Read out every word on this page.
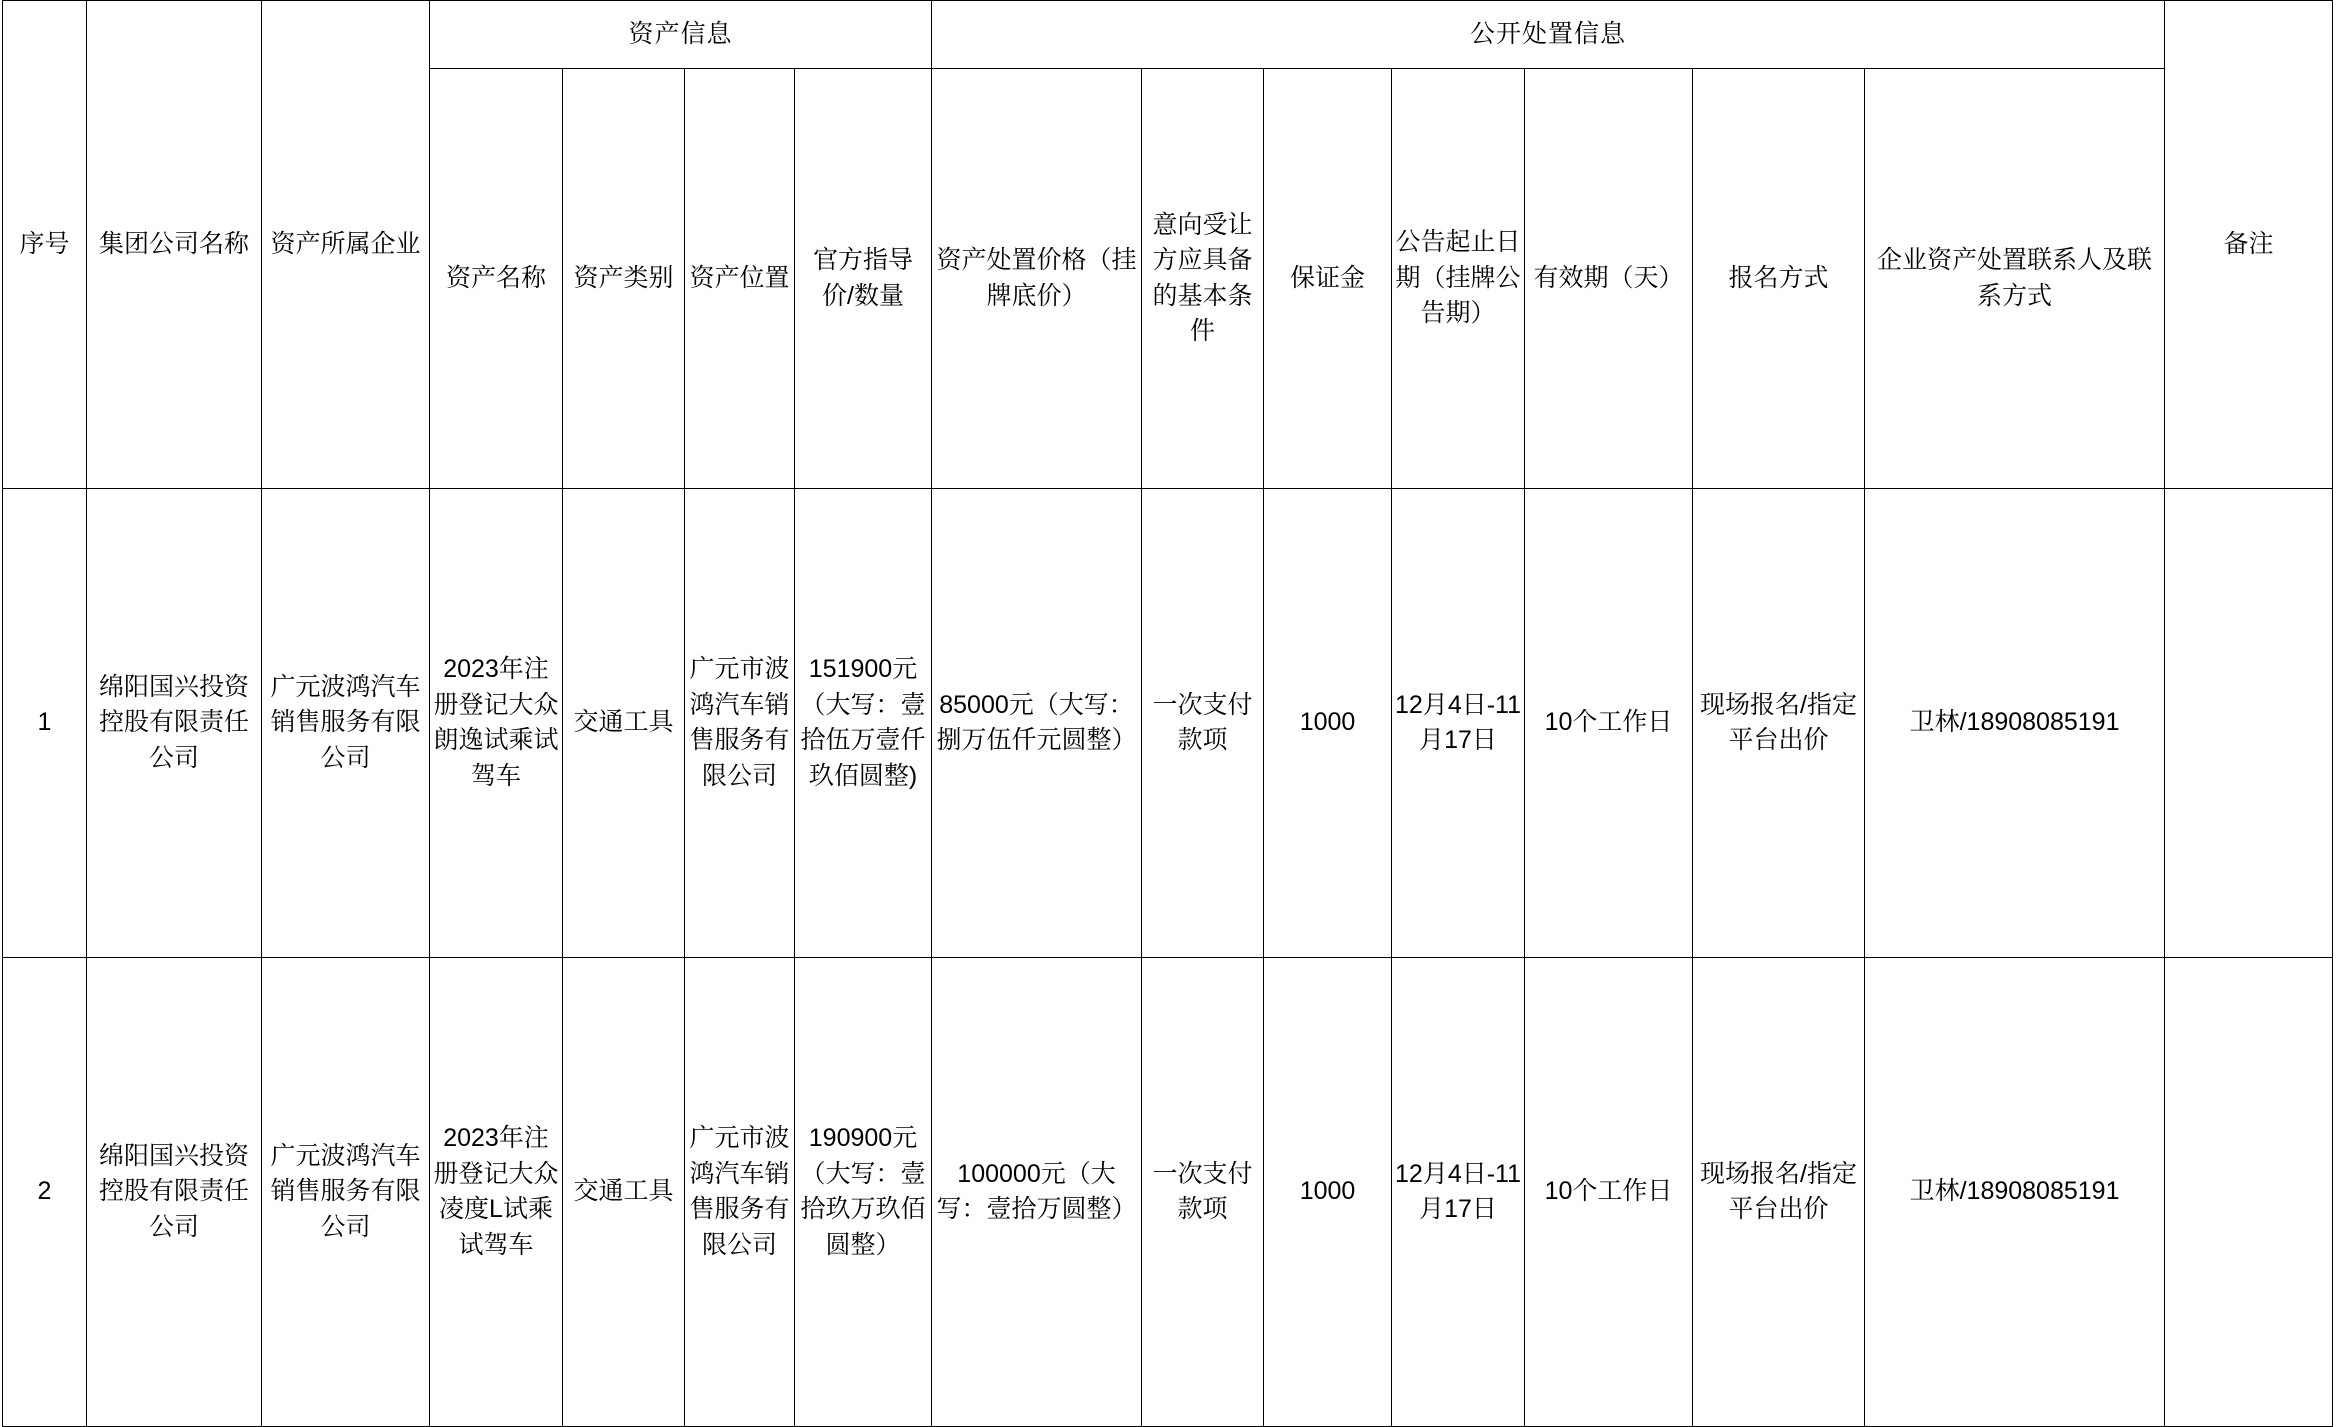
序号	集团公司名称	资产所属企业	资产信息				公开处置信息							备注
			资产名称	资产类别	资产位置	官方指导价/数量	资产处置价格（挂牌底价）	意向受让方应具备的基本条件	保证金	公告起止日期（挂牌公告期）	有效期（天）	报名方式	企业资产处置联系人及联系方式	
1	绵阳国兴投资控股有限责任公司	广元波鸿汽车销售服务有限公司	2023年注册登记大众朗逸试乘试驾车	交通工具	广元市波鸿汽车销售服务有限公司	151900元（大写：壹拾伍万壹仟玖佰圆整)	85000元（大写：捌万伍仟元圆整）	一次支付款项	1000	12月4日-11月17日	10个工作日	现场报名/指定平台出价	卫林/18908085191	
2	绵阳国兴投资控股有限责任公司	广元波鸿汽车销售服务有限公司	2023年注册登记大众凌度L试乘试驾车	交通工具	广元市波鸿汽车销售服务有限公司	190900元（大写：壹拾玖万玖佰圆整）	100000元（大写：壹拾万圆整）	一次支付款项	1000	12月4日-11月17日	10个工作日	现场报名/指定平台出价	卫林/18908085191	
